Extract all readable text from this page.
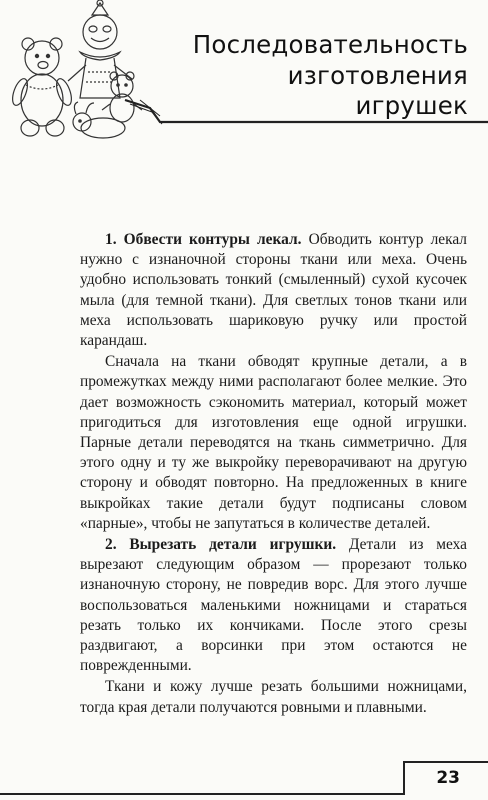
Последовательность
изготовления
игрушек

1. Обвести контуры лекал. Обводить контур лекал нужно с изнаночной стороны ткани или меха. Очень удобно использовать тонкий (смыленный) сухой кусочек мыла (для темной ткани). Для светлых тонов ткани или меха использовать шариковую ручку или простой карандаш.

Сначала на ткани обводят крупные детали, а в промежутках между ними располагают более мелкие. Это дает возможность сэкономить материал, который может пригодиться для изготовления еще одной игрушки. Парные детали переводятся на ткань симметрично. Для этого одну и ту же выкройку переворачивают на другую сторону и обводят повторно. На предложенных в книге выкройках такие детали будут подписаны словом «парные», чтобы не запутаться в количестве деталей.

2. Вырезать детали игрушки. Детали из меха вырезают следующим образом — прорезают только изнаночную сторону, не повредив ворс. Для этого лучше воспользоваться маленькими ножницами и стараться резать только их кончиками. После этого срезы раздвигают, а ворсинки при этом остаются не поврежденными.

Ткани и кожу лучше резать большими ножницами, тогда края детали получаются ровными и плавными.

23
